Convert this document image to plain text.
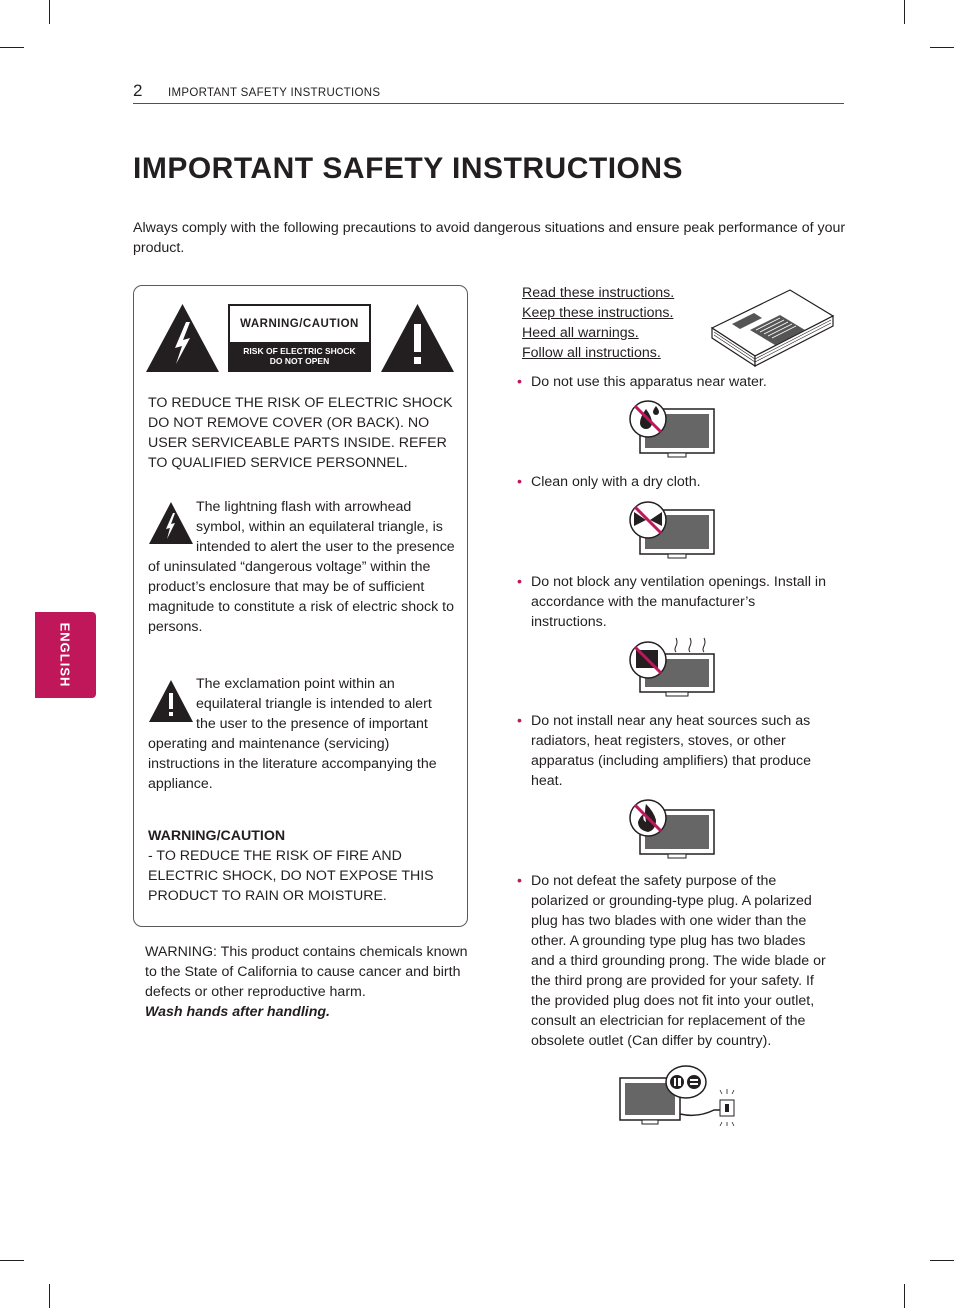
2 IMPORTANT SAFETY INSTRUCTIONS
ENGLISH
IMPORTANT SAFETY INSTRUCTIONS
Always comply with the following precautions to avoid dangerous situations and ensure peak performance of your product.
WARNING/CAUTION
RISK OF ELECTRIC SHOCK
DO NOT OPEN
TO REDUCE THE RISK OF ELECTRIC SHOCK DO NOT REMOVE COVER (OR BACK). NO USER SERVICEABLE PARTS INSIDE. REFER TO QUALIFIED SERVICE PERSONNEL.
The lightning flash with arrowhead symbol, within an equilateral triangle, is intended to alert the user to the presence of uninsulated “dangerous voltage” within the product’s enclosure that may be of sufficient magnitude to constitute a risk of electric shock to persons.
The exclamation point within an equilateral triangle is intended to alert the user to the presence of important operating and maintenance (servicing) instructions in the literature accompanying the appliance.
WARNING/CAUTION
- TO REDUCE THE RISK OF FIRE AND ELECTRIC SHOCK, DO NOT EXPOSE THIS PRODUCT TO RAIN OR MOISTURE.
WARNING: This product contains chemicals known to the State of California to cause cancer and birth defects or other reproductive harm.
Wash hands after handling.
Read these instructions.
Keep these instructions.
Heed all warnings.
Follow all instructions.
• Do not use this apparatus near water.
• Clean only with a dry cloth.
• Do not block any ventilation openings. Install in accordance with the manufacturer’s instructions.
• Do not install near any heat sources such as radiators, heat registers, stoves, or other apparatus (including amplifiers) that produce heat.
• Do not defeat the safety purpose of the polarized or grounding-type plug. A polarized plug has two blades with one wider than the other. A grounding type plug has two blades and a third grounding prong. The wide blade or the third prong are provided for your safety. If the provided plug does not fit into your outlet, consult an electrician for replacement of the obsolete outlet (Can differ by country).
